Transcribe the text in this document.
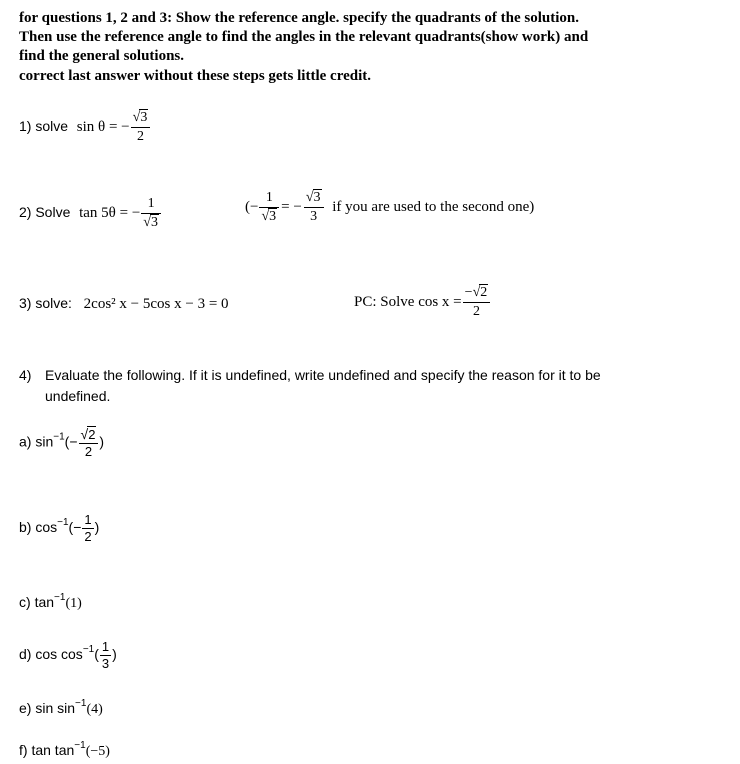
for questions 1, 2 and 3: Show the reference angle. specify the quadrants of the solution.
Then use the reference angle to find the angles in the relevant quadrants(show work) and
find the general solutions.
correct last answer without these steps gets little credit.
1) solve sin θ = − $\frac{√3}{2}$
2) Solve tan 5θ = − $\frac{1}{√3}$	(− $\frac{1}{√3}$ = − $\frac{√3}{3}$ if you are used to the second one)
3) solve: 2cos² x − 5cos x − 3 = 0	PC: Solve $\cos x = \frac{-√2}{2}$
4) Evaluate the following. If it is undefined, write undefined and specify the reason for it to be
undefined.
a) $\sin^{-1}(- \frac{√2}{2}$ )
b) $\cos^{-1}(- \frac{1}{2}$ )
c) $\tan^{-1}(1)$
d) $\cos \cos^{-1}( \frac{1}{3}$ )
e) $\sin \sin^{-1}(4)$
f) $\tan \tan^{-1}(-5)$
